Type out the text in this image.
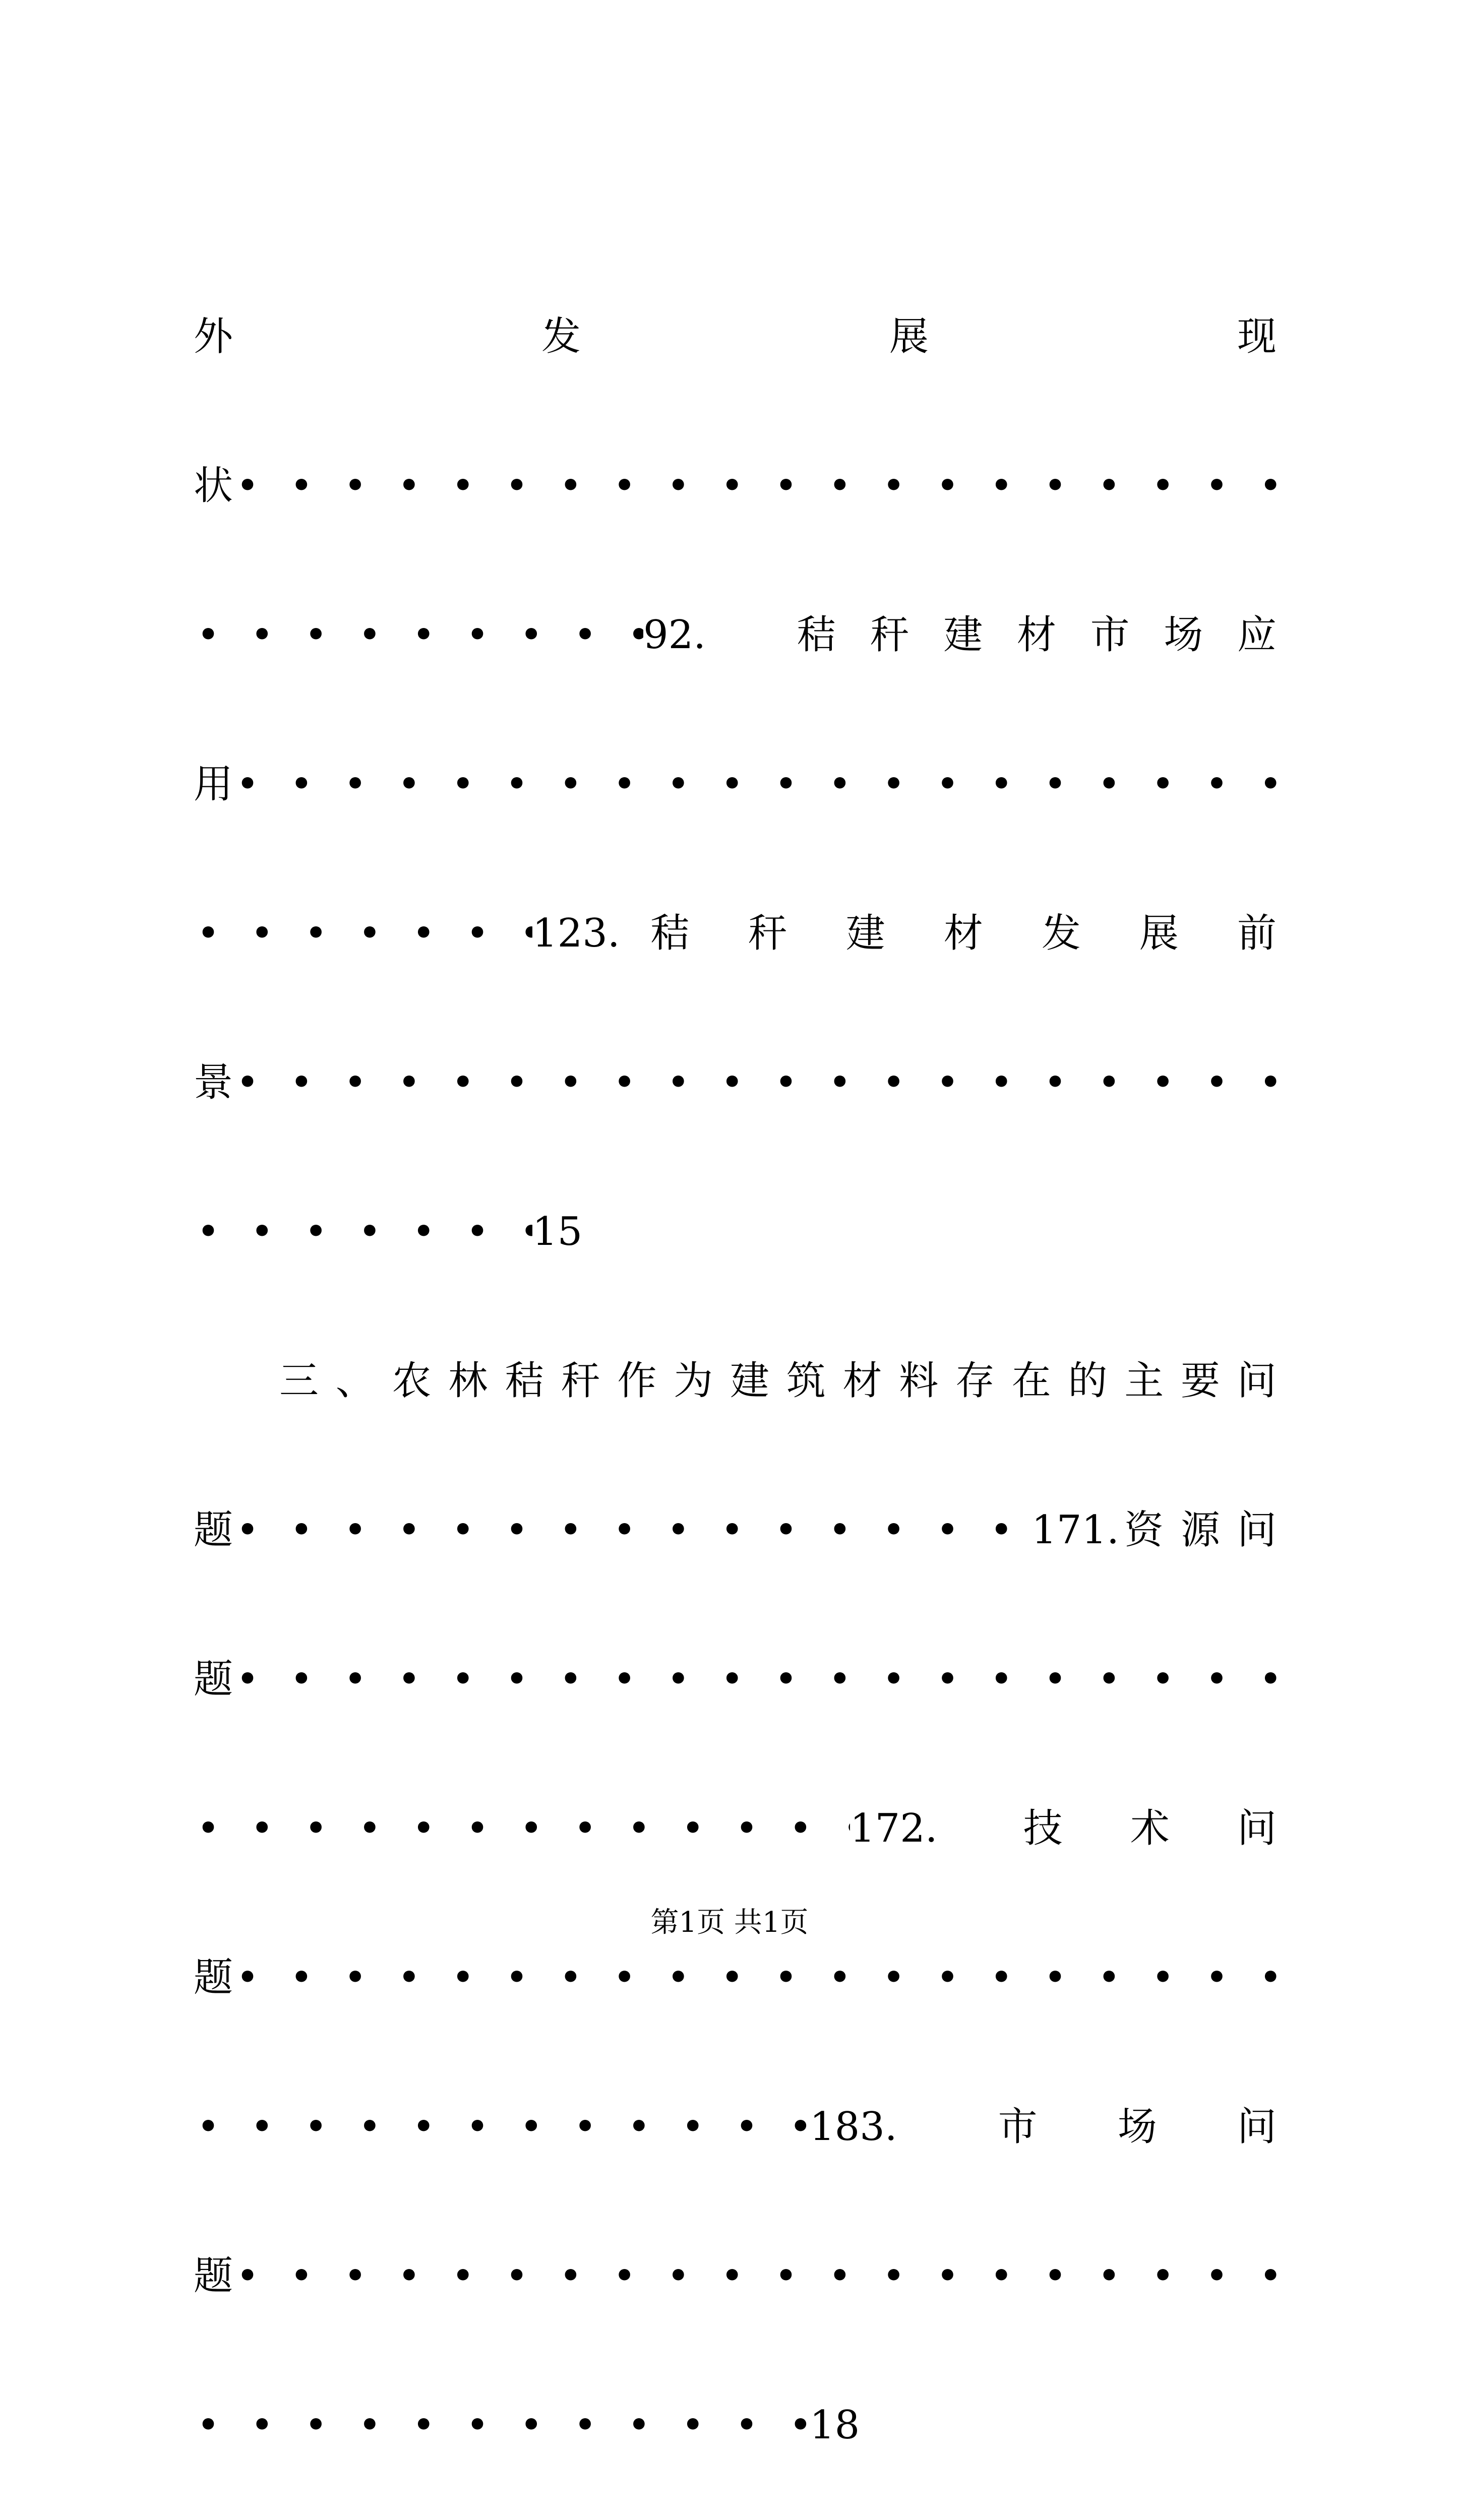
外	发	展	现
状
• • •
• • •
92. 秸 秆 建 材 市 场 应
用
• • •
• • •
123. 秸 秆 建 材 发 展 前
景
• • •
• • •
15
三 、 农 林 秸 秆 作 为 建 筑 材 料 存 在 的 主 要 问
题
• • •	171. 资 源 问
题
• • •
• • •
172. 技 术 问
题
• • •
• • •
183.	市 场 问
题
• • •
• • •
18
第1页 共1页
